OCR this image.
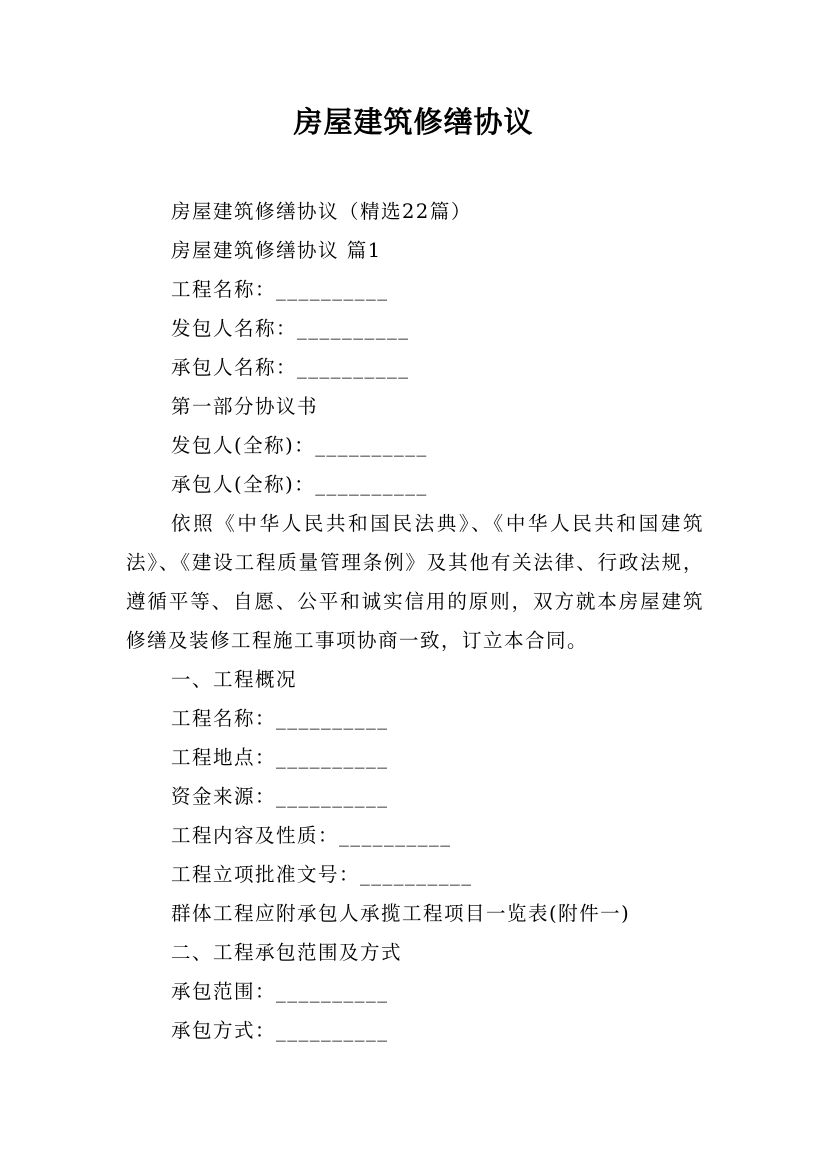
房屋建筑修缮协议

房屋建筑修缮协议（精选22篇）

房屋建筑修缮协议 篇1

工程名称：__________

发包人名称：__________

承包人名称：__________

第一部分协议书

发包人(全称)：__________

承包人(全称)：__________

依照《中华人民共和国民法典》、《中华人民共和国建筑法》、《建设工程质量管理条例》及其他有关法律、行政法规，遵循平等、自愿、公平和诚实信用的原则，双方就本房屋建筑修缮及装修工程施工事项协商一致，订立本合同。

一、工程概况

工程名称：__________

工程地点：__________

资金来源：__________

工程内容及性质：__________

工程立项批准文号：__________

群体工程应附承包人承揽工程项目一览表(附件一)

二、工程承包范围及方式

承包范围：__________

承包方式：__________
